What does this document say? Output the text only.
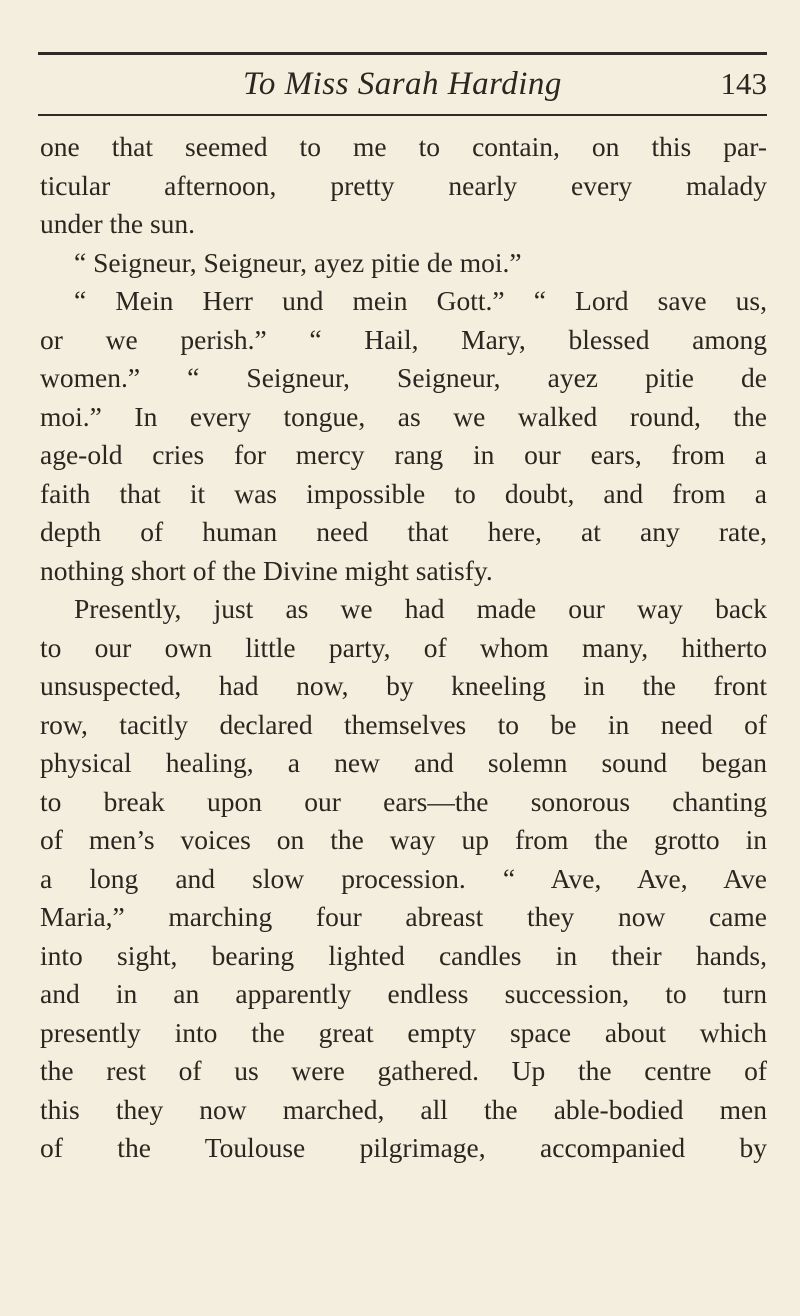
To Miss Sarah Harding	143
one that seemed to me to contain, on this par-
ticular afternoon, pretty nearly every malady
under the sun.
“ Seigneur, Seigneur, ayez pitie de moi.”
“ Mein Herr und mein Gott.” “ Lord save us,
or we perish.” “ Hail, Mary, blessed among
women.” “ Seigneur, Seigneur, ayez pitie de
moi.” In every tongue, as we walked round, the
age-old cries for mercy rang in our ears, from a
faith that it was impossible to doubt, and from a
depth of human need that here, at any rate,
nothing short of the Divine might satisfy.
Presently, just as we had made our way back
to our own little party, of whom many, hitherto
unsuspected, had now, by kneeling in the front
row, tacitly declared themselves to be in need of
physical healing, a new and solemn sound began
to break upon our ears—the sonorous chanting
of men’s voices on the way up from the grotto in
a long and slow procession. “ Ave, Ave, Ave
Maria,” marching four abreast they now came
into sight, bearing lighted candles in their hands,
and in an apparently endless succession, to turn
presently into the great empty space about which
the rest of us were gathered. Up the centre of
this they now marched, all the able-bodied men
of the Toulouse pilgrimage, accompanied by
